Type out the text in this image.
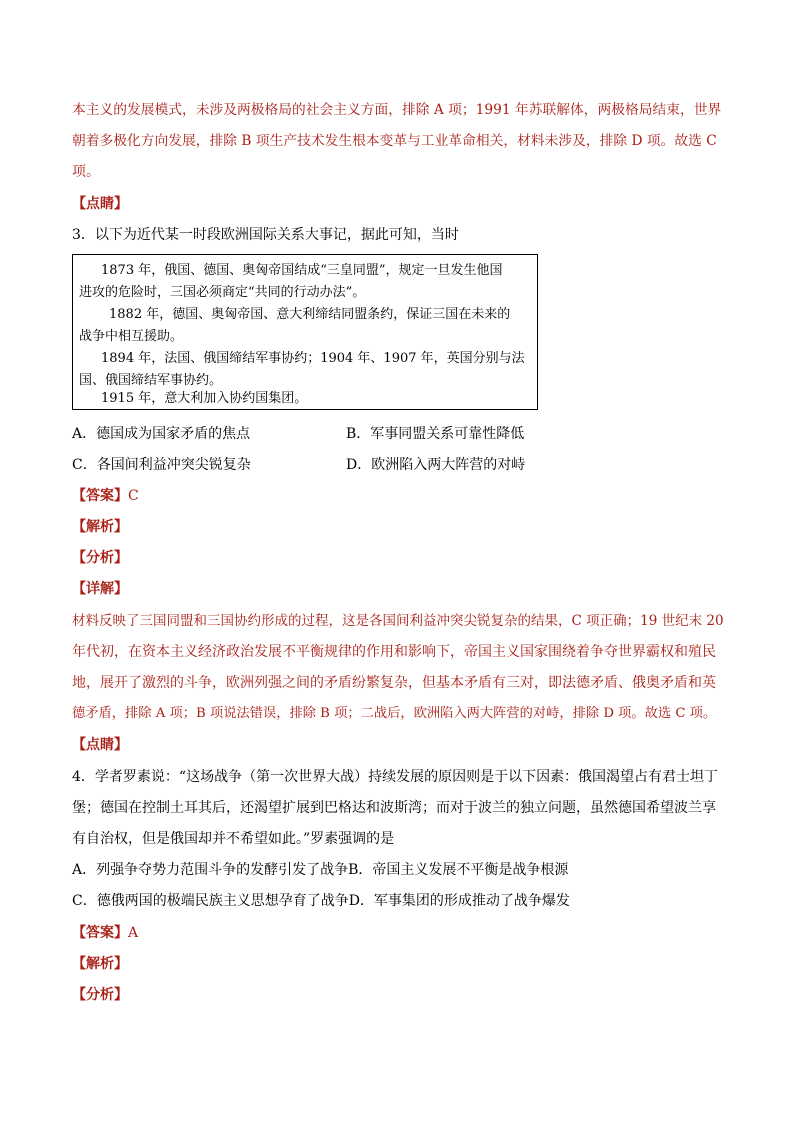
本主义的发展模式，未涉及两极格局的社会主义方面，排除 A 项；1991 年苏联解体，两极格局结束，世界
朝着多极化方向发展，排除 B 项生产技术发生根本变革与工业革命相关，材料未涉及，排除 D 项。故选 C
项。
【点睛】
3．以下为近代某一时段欧洲国际关系大事记，据此可知，当时
1873 年，俄国、德国、奥匈帝国结成“三皇同盟”，规定一旦发生他国
进攻的危险时，三国必须商定“共同的行动办法”。
1882 年，德国、奥匈帝国、意大利缔结同盟条约，保证三国在未来的
战争中相互援助。
1894 年，法国、俄国缔结军事协约；1904 年、1907 年，英国分别与法
国、俄国缔结军事协约。
1915 年，意大利加入协约国集团。
A．德国成为国家矛盾的焦点	B．军事同盟关系可靠性降低
C．各国间利益冲突尖锐复杂	D．欧洲陷入两大阵营的对峙
【答案】C
【解析】
【分析】
【详解】
材料反映了三国同盟和三国协约形成的过程，这是各国间利益冲突尖锐复杂的结果，C 项正确；19 世纪末 20
年代初，在资本主义经济政治发展不平衡规律的作用和影响下，帝国主义国家围绕着争夺世界霸权和殖民
地，展开了激烈的斗争，欧洲列强之间的矛盾纷繁复杂，但基本矛盾有三对，即法德矛盾、俄奥矛盾和英
德矛盾，排除 A 项；B 项说法错误，排除 B 项；二战后，欧洲陷入两大阵营的对峙，排除 D 项。故选 C 项。
【点睛】
4．学者罗素说：“这场战争（第一次世界大战）持续发展的原因则是于以下因素：俄国渴望占有君士坦丁
堡；德国在控制土耳其后，还渴望扩展到巴格达和波斯湾；而对于波兰的独立问题，虽然德国希望波兰享
有自治权，但是俄国却并不希望如此。”罗素强调的是
A．列强争夺势力范围斗争的发酵引发了战争B．帝国主义发展不平衡是战争根源
C．德俄两国的极端民族主义思想孕育了战争D．军事集团的形成推动了战争爆发
【答案】A
【解析】
【分析】
